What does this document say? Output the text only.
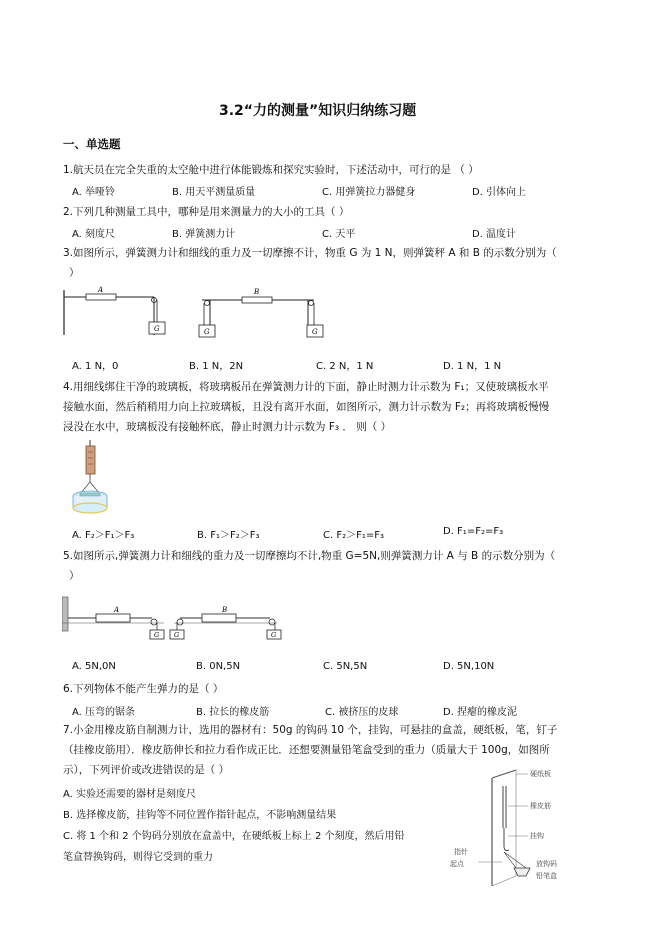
3.2“力的测量”知识归纳练习题
一、单选题
1.航天员在完全失重的太空舱中进行体能锻炼和探究实验时，下述活动中，可行的是 （ ）
A. 举哑铃	B. 用天平测量质量	C. 用弹簧拉力器健身	D. 引体向上
2.下列几种测量工具中，哪种是用来测量力的大小的工具（ ）
A. 刻度尺	B. 弹簧测力计	C. 天平	D. 温度计
3.如图所示，弹簧测力计和细线的重力及一切摩擦不计，物重 G 为 1 N，则弹簧秤 A 和 B 的示数分别为（
）
A
G
B
G	G
A. 1 N，0	B. 1 N，2N	C. 2 N，1 N	D. 1 N，1 N
4.用细线绑住干净的玻璃板，将玻璃板吊在弹簧测力计的下面，静止时测力计示数为 F₁；又使玻璃板水平
接触水面，然后稍稍用力向上拉玻璃板，且没有离开水面，如图所示，测力计示数为 F₂；再将玻璃板慢慢
浸没在水中，玻璃板没有接触杯底，静止时测力计示数为 F₃ ． 则（ ）
A. F₂＞F₁＞F₃	B. F₁＞F₂＞F₃	C. F₂＞F₁=F₃	D. F₁=F₂=F₃
5.如图所示,弹簧测力计和细线的重力及一切摩擦均不计,物重 G=5N,则弹簧测力计 A 与 B 的示数分别为（
）
A
G
B
G	G
A. 5N,0N	B. 0N,5N	C. 5N,5N	D. 5N,10N
6.下列物体不能产生弹力的是（ ）
A. 压弯的锯条	B. 拉长的橡皮筋	C. 被挤压的皮球	D. 捏瘪的橡皮泥
7.小金用橡皮筋自制测力计，选用的器材有：50g 的钩码 10 个，挂钩，可悬挂的盒盖，硬纸板，笔，钉子
（挂橡皮筋用）．橡皮筋伸长和拉力看作成正比．还想要测量铅笔盒受到的重力（质量大于 100g，如图所
示），下列评价或改进错误的是（ ）
A. 实验还需要的器材是刻度尺
B. 选择橡皮筋，挂钩等不同位置作指针起点，不影响测量结果
C. 将 1 个和 2 个钩码分别放在盒盖中，在硬纸板上标上 2 个刻度，然后用铅
笔盒替换钩码，则得它受到的重力
硬纸板
橡皮筋
挂钩
指针
起点	放钩码
铅笔盒
